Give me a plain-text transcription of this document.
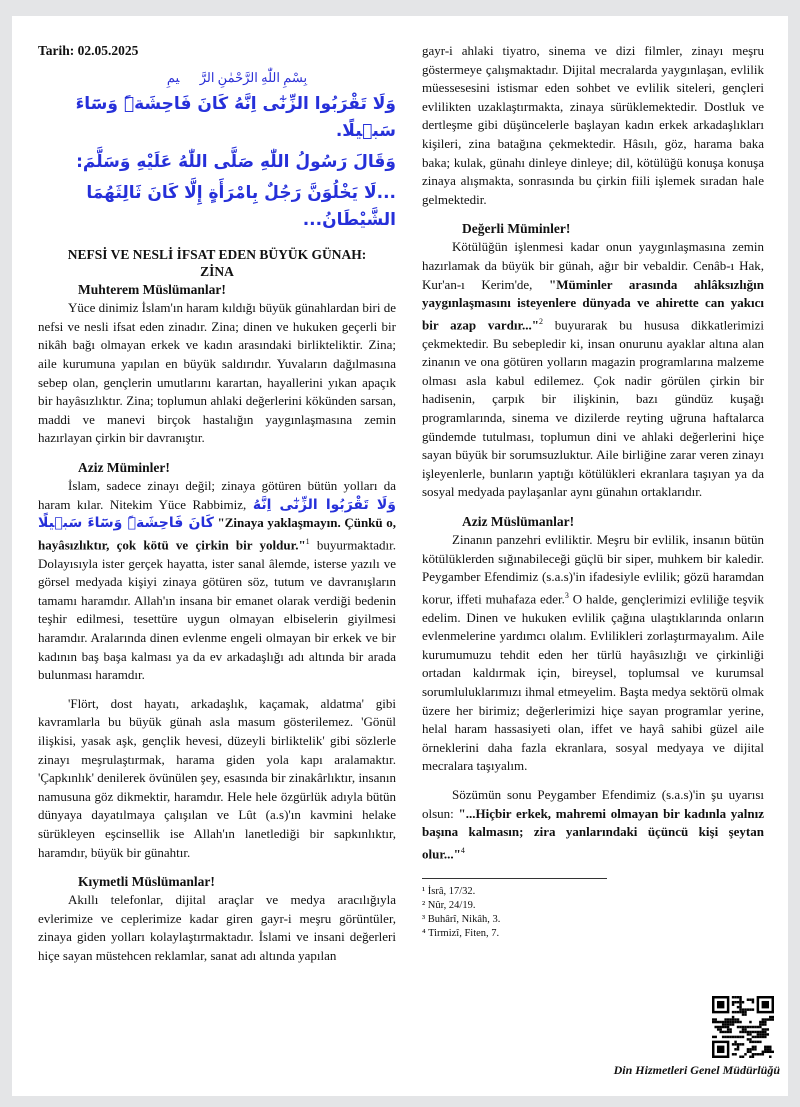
Tarih: 02.05.2025
بِسْمِ اللّٰهِ الرَّحْمٰنِ الرَّح۪يمِ
وَلَا تَقْرَبُوا الزِّنٰٓى اِنَّهُ كَانَ فَاحِشَةًۜ وَسَٓاءَ سَب۪يلًا.
وَقَالَ رَسُولُ اللّٰهِ صَلَّى اللّٰهُ عَلَيْهِ وَسَلَّمَ:
...لَا يَخْلُوَنَّ رَجُلٌ بِامْرَأَةٍ إِلَّا كَانَ ثَالِثَهُمَا الشَّيْطَانُ...
NEFSİ VE NESLİ İFSAT EDEN BÜYÜK GÜNAH:
ZİNA
Muhterem Müslümanlar!

Yüce dinimiz İslam'ın haram kıldığı büyük günahlardan biri de nefsi ve nesli ifsat eden zinadır. Zina; dinen ve hukuken geçerli bir nikâh bağı olmayan erkek ve kadın arasındaki birlikteliktir. Zina; aile kurumuna yapılan en büyük saldırıdır. Yuvaların dağılmasına sebep olan, gençlerin umutlarını karartan, hayallerini yıkan apaçık bir hayâsızlıktır. Zina; toplumun ahlaki değerlerini kökünden sarsan, maddi ve manevi birçok hastalığın yaygınlaşmasına zemin hazırlayan çirkin bir davranıştır.

Aziz Müminler!

İslam, sadece zinayı değil; zinaya götüren bütün yolları da haram kılar. Nitekim Yüce Rabbimiz, وَلَا تَقْرَبُوا الزِّنٰٓى اِنَّهُ كَانَ فَاحِشَةًۜ وَسَٓاءَ سَب۪يلًا "Zinaya yaklaşmayın. Çünkü o, hayâsızlıktır, çok kötü ve çirkin bir yoldur."$^1$ buyurmaktadır. Dolayısıyla ister gerçek hayatta, ister sanal âlemde, isterse yazılı ve görsel medyada kişiyi zinaya götüren söz, tutum ve davranışların tamamı haramdır. Allah'ın insana bir emanet olarak verdiği bedenin teşhir edilmesi, tesettüre uygun olmayan elbiselerin giyilmesi haramdır. Aralarında dinen evlenme engeli olmayan bir erkek ve bir kadının baş başa kalması ya da ev arkadaşlığı adı altında bir arada bulunması haramdır.

'Flört, dost hayatı, arkadaşlık, kaçamak, aldatma' gibi kavramlarla bu büyük günah asla masum gösterilemez. 'Gönül ilişkisi, yasak aşk, gençlik hevesi, düzeyli birliktelik' gibi sözlerle zinayı meşrulaştırmak, harama giden yola kapı aralamaktır. 'Çapkınlık' denilerek övünülen şey, esasında bir zinakârlıktır, insanın namusuna göz dikmektir, haramdır. Hele hele özgürlük adıyla bütün dünyaya dayatılmaya çalışılan ve Lût (a.s)'ın kavmini helake sürükleyen eşcinsellik ise Allah'ın lanetlediği bir sapkınlıktır, haramdır, büyük bir günahtır.

Kıymetli Müslümanlar!

Akıllı telefonlar, dijital araçlar ve medya aracılığıyla evlerimize ve ceplerimize kadar giren gayr-i meşru görüntüler, zinaya giden yolları kolaylaştırmaktadır. İslami ve insani değerleri hiçe sayan müstehcen reklamlar, sanat adı altında yapılan

gayr-i ahlaki tiyatro, sinema ve dizi filmler, zinayı meşru göstermeye çalışmaktadır. Dijital mecralarda yaygınlaşan, evlilik müessesesini istismar eden sohbet ve evlilik siteleri, gençleri evlilikten uzaklaştırmakta, zinaya sürüklemektedir. Dostluk ve dertleşme gibi düşüncelerle başlayan kadın erkek arkadaşlıkları kişileri, zina batağına çekmektedir. Hâsılı, göz, harama baka baka; kulak, günahı dinleye dinleye; dil, kötülüğü konuşa konuşa zinaya alışmakta, sonrasında bu çirkin fiili işlemek sıradan hale gelmektedir.

Değerli Müminler!

Kötülüğün işlenmesi kadar onun yaygınlaşmasına zemin hazırlamak da büyük bir günah, ağır bir vebaldir. Cenâb-ı Hak, Kur'an-ı Kerim'de, "Müminler arasında ahlâksızlığın yaygınlaşmasını isteyenlere dünyada ve ahirette can yakıcı bir azap vardır..."$^2$ buyurarak bu hususa dikkatlerimizi çekmektedir. Bu sebepledir ki, insan onurunu ayaklar altına alan zinanın ve ona götüren yolların magazin programlarına malzeme olması asla kabul edilemez. Çok nadir görülen çirkin bir hadisenin, çarpık bir ilişkinin, bazı gündüz kuşağı programlarında, sinema ve dizilerde reyting uğruna haftalarca gündemde tutulması, toplumun dini ve ahlaki değerlerini hiçe sayan büyük bir sorumsuzluktur. Aile birliğine zarar veren zinayı işleyenlerle, bunların yaptığı kötülükleri ekranlara taşıyan ya da sosyal medyada paylaşanlar aynı günahın ortaklarıdır.

Aziz Müslümanlar!

Zinanın panzehri evliliktir. Meşru bir evlilik, insanın bütün kötülüklerden sığınabileceği güçlü bir siper, muhkem bir kaledir. Peygamber Efendimiz (s.a.s)'in ifadesiyle evlilik; gözü haramdan korur, iffeti muhafaza eder.$^3$ O halde, gençlerimizi evliliğe teşvik edelim. Dinen ve hukuken evlilik çağına ulaştıklarında onların evlenmelerine yardımcı olalım. Evlilikleri zorlaştırmayalım. Aile kurumumuzu tehdit eden her türlü hayâsızlığı ve çirkinliği ortadan kaldırmak için, bireysel, toplumsal ve kurumsal sorumluluklarımızı ihmal etmeyelim. Başta medya sektörü olmak üzere her birimiz; değerlerimizi hiçe sayan programlar yerine, helal haram hassasiyeti olan, iffet ve hayâ sahibi güzel aile örneklerini daha fazla ekranlara, sosyal medyaya ve dijital mecralara taşıyalım.

Sözümün sonu Peygamber Efendimiz (s.a.s)'in şu uyarısı olsun: "...Hiçbir erkek, mahremi olmayan bir kadınla yalnız başına kalmasın; zira yanlarındaki üçüncü kişi şeytan olur..."$^4$

¹ İsrâ, 17/32.
² Nûr, 24/19.
³ Buhârî, Nikâh, 3.
⁴ Tirmizî, Fiten, 7.
Din Hizmetleri Genel Müdürlüğü
